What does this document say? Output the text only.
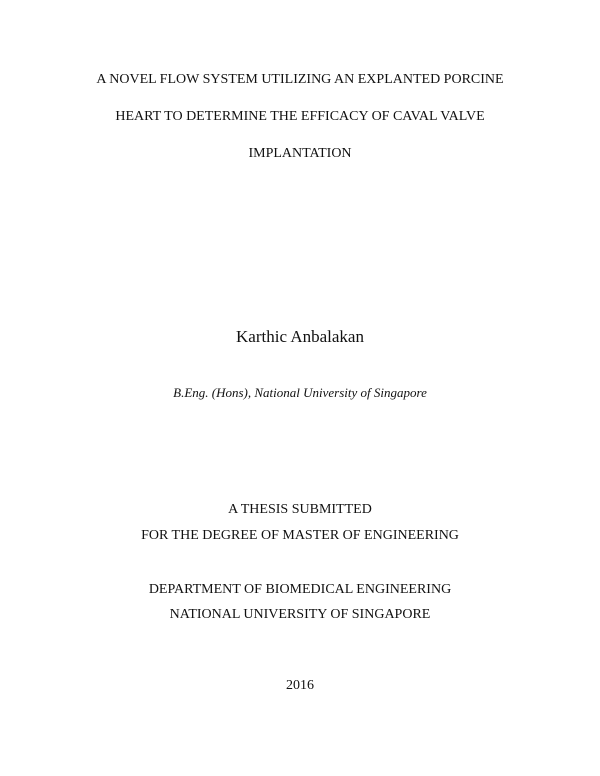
A NOVEL FLOW SYSTEM UTILIZING AN EXPLANTED PORCINE
HEART TO DETERMINE THE EFFICACY OF CAVAL VALVE
IMPLANTATION
Karthic Anbalakan
B.Eng. (Hons), National University of Singapore
A THESIS SUBMITTED
FOR THE DEGREE OF MASTER OF ENGINEERING
DEPARTMENT OF BIOMEDICAL ENGINEERING
NATIONAL UNIVERSITY OF SINGAPORE
2016
